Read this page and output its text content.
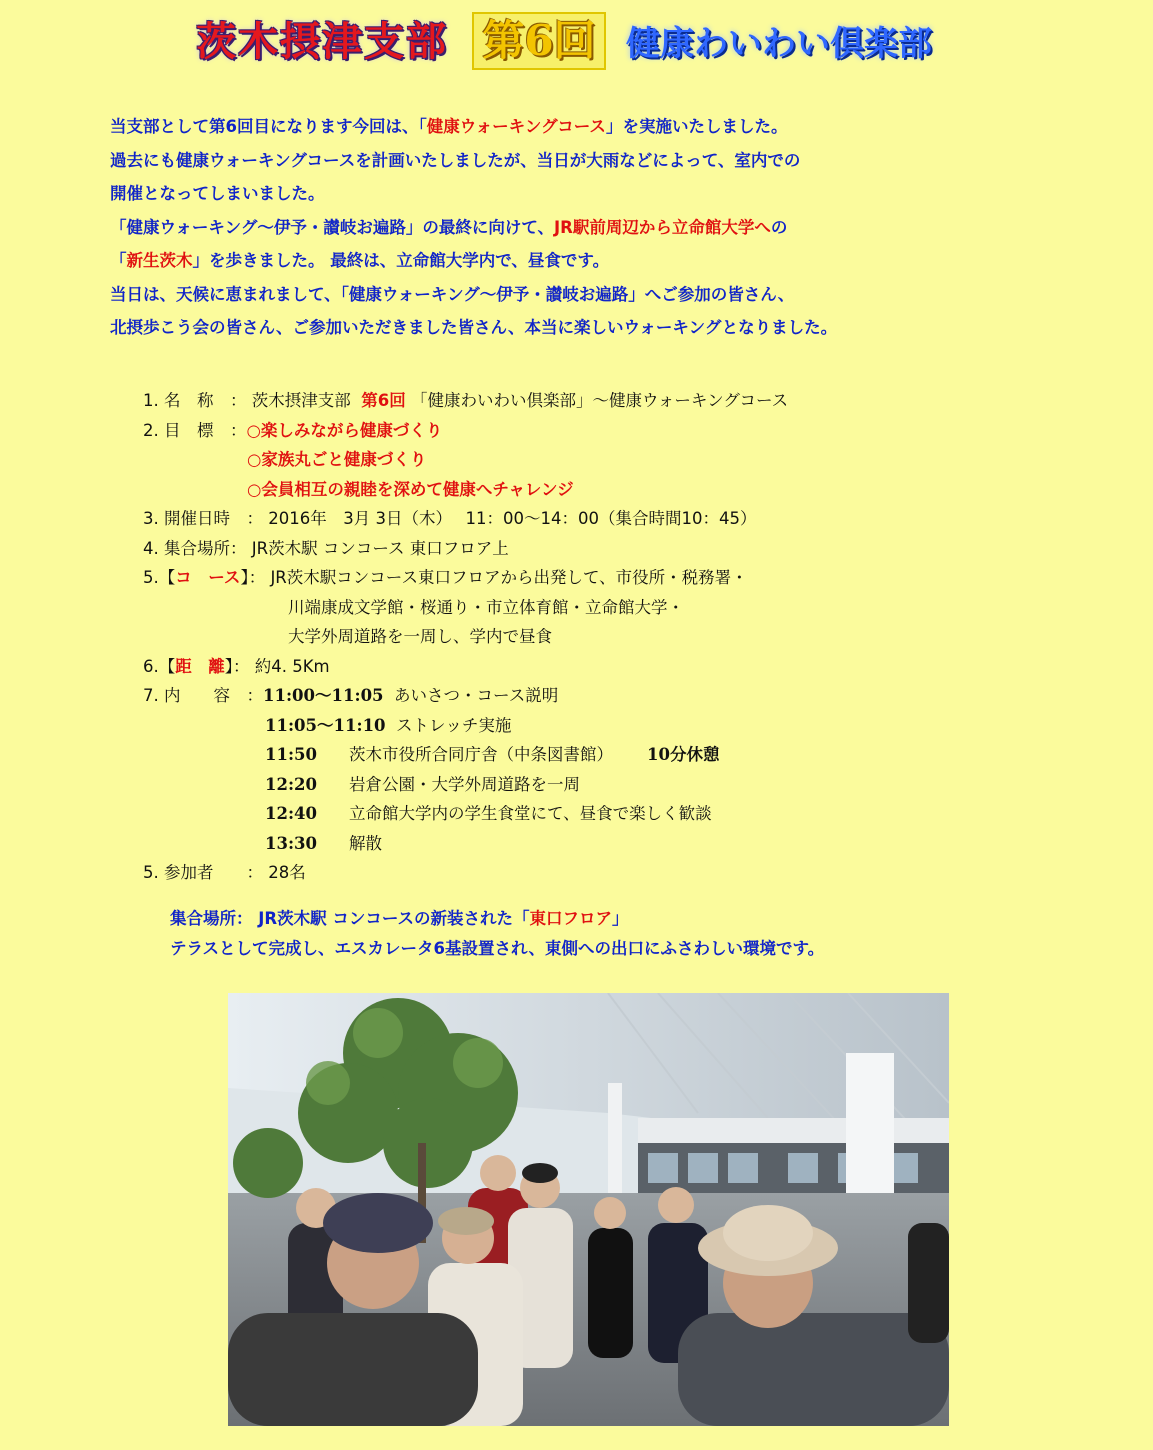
茨木摂津支部 第6回 健康わいわい倶楽部

当支部として第6回目になります今回は、「健康ウォーキングコース」を実施いたしました。

過去にも健康ウォーキングコースを計画いたしましたが、当日が大雨などによって、室内での

開催となってしまいました。

「健康ウォーキング～伊予・讃岐お遍路」の最終に向けて、JR駅前周辺から立命館大学への

「新生茨木」を歩きました。 最終は、立命館大学内で、昼食です。

当日は、天候に恵まれまして、「健康ウォーキング～伊予・讃岐お遍路」へご参加の皆さん、

北摂歩こう会の皆さん、ご参加いただきました皆さん、本当に楽しいウォーキングとなりました。

1. 名　称　： 茨木摂津支部 第6回 「健康わいわい倶楽部」～健康ウォーキングコース
2. 目　標　：○楽しみながら健康づくり
○家族丸ごと健康づくり
○会員相互の親睦を深めて健康へチャレンジ
3. 開催日時　： 2016年　3月 3日（木）　 11：00～14：00（集合時間10：45）
4. 集合場所： JR茨木駅 コンコース 東口フロア上
5.【コ　ース】： JR茨木駅コンコース東口フロアから出発して、市役所・税務署・
川端康成文学館・桜通り・市立体育館・立命館大学・
大学外周道路を一周し、学内で昼食
6.【距　離】： 約4. 5Km
7. 内　　容　：11:00～11:05 あいさつ・コース説明
11:05～11:10 ストレッチ実施
11:50 茨木市役所合同庁舎（中条図書館） 10分休憩
12:20 岩倉公園・大学外周道路を一周
12:40 立命館大学内の学生食堂にて、昼食で楽しく歓談
13:30 解散
5. 参加者　　： 28名

集合場所： JR茨木駅 コンコースの新装された「東口フロア」

テラスとして完成し、エスカレータ6基設置され、東側への出口にふさわしい環境です。
